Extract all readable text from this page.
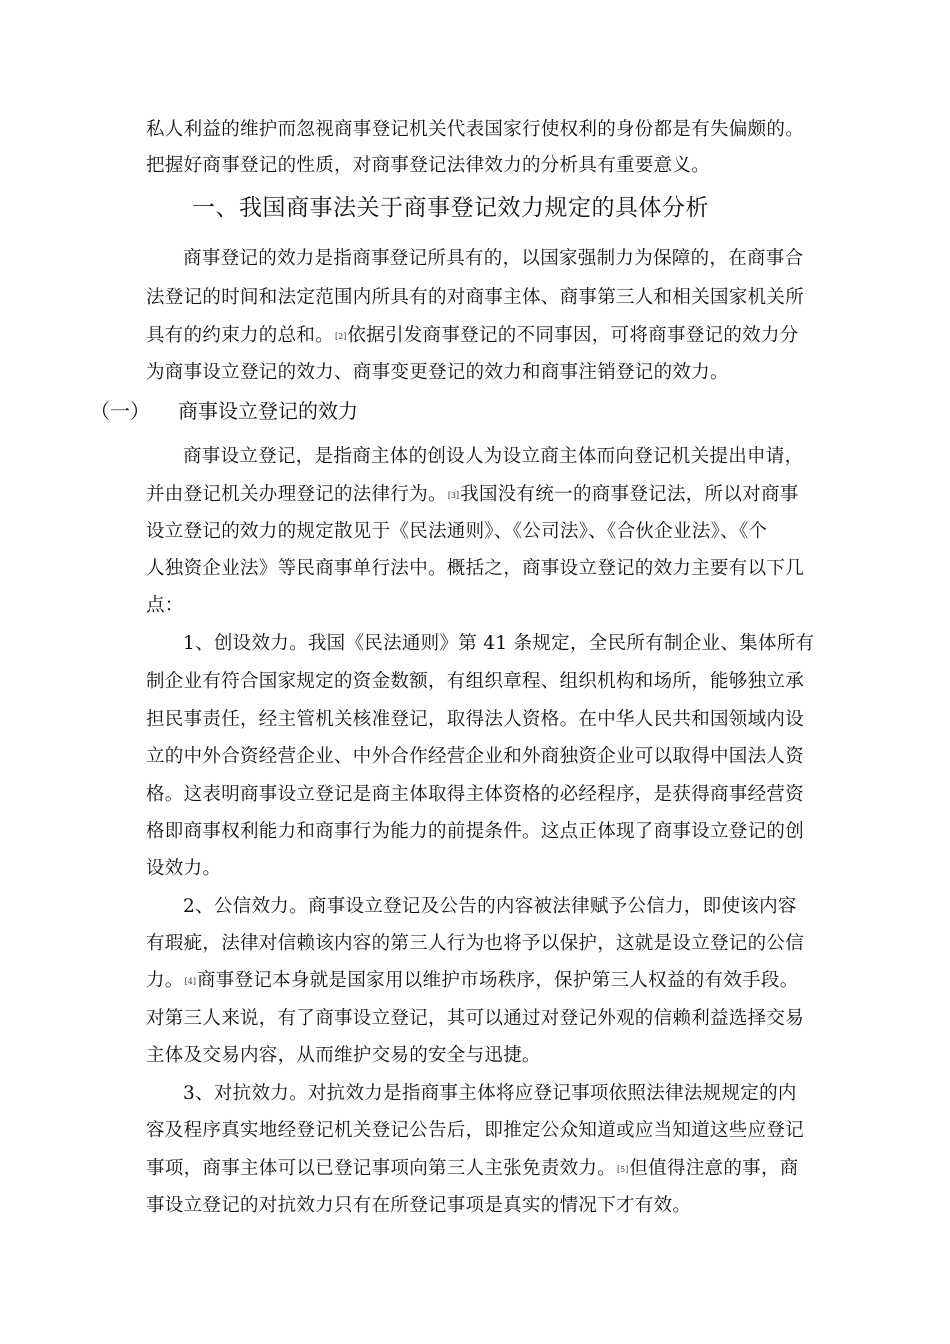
私人利益的维护而忽视商事登记机关代表国家行使权利的身份都是有失偏颇的。
把握好商事登记的性质，对商事登记法律效力的分析具有重要意义。
一、我国商事法关于商事登记效力规定的具体分析
商事登记的效力是指商事登记所具有的，以国家强制力为保障的，在商事合
法登记的时间和法定范围内所具有的对商事主体、商事第三人和相关国家机关所
具有的约束力的总和。[2]依据引发商事登记的不同事因，可将商事登记的效力分
为商事设立登记的效力、商事变更登记的效力和商事注销登记的效力。
（一） 商事设立登记的效力
商事设立登记，是指商主体的创设人为设立商主体而向登记机关提出申请，
并由登记机关办理登记的法律行为。[3]我国没有统一的商事登记法，所以对商事
设立登记的效力的规定散见于《民法通则》、《公司法》、《合伙企业法》、《个
人独资企业法》等民商事单行法中。概括之，商事设立登记的效力主要有以下几
点：
1、创设效力。我国《民法通则》第 41 条规定，全民所有制企业、集体所有
制企业有符合国家规定的资金数额，有组织章程、组织机构和场所，能够独立承
担民事责任，经主管机关核准登记，取得法人资格。在中华人民共和国领域内设
立的中外合资经营企业、中外合作经营企业和外商独资企业可以取得中国法人资
格。这表明商事设立登记是商主体取得主体资格的必经程序，是获得商事经营资
格即商事权利能力和商事行为能力的前提条件。这点正体现了商事设立登记的创
设效力。
2、公信效力。商事设立登记及公告的内容被法律赋予公信力，即使该内容
有瑕疵，法律对信赖该内容的第三人行为也将予以保护，这就是设立登记的公信
力。[4]商事登记本身就是国家用以维护市场秩序，保护第三人权益的有效手段。
对第三人来说，有了商事设立登记，其可以通过对登记外观的信赖利益选择交易
主体及交易内容，从而维护交易的安全与迅捷。
3、对抗效力。对抗效力是指商事主体将应登记事项依照法律法规规定的内
容及程序真实地经登记机关登记公告后，即推定公众知道或应当知道这些应登记
事项，商事主体可以已登记事项向第三人主张免责效力。[5]但值得注意的事，商
事设立登记的对抗效力只有在所登记事项是真实的情况下才有效。
